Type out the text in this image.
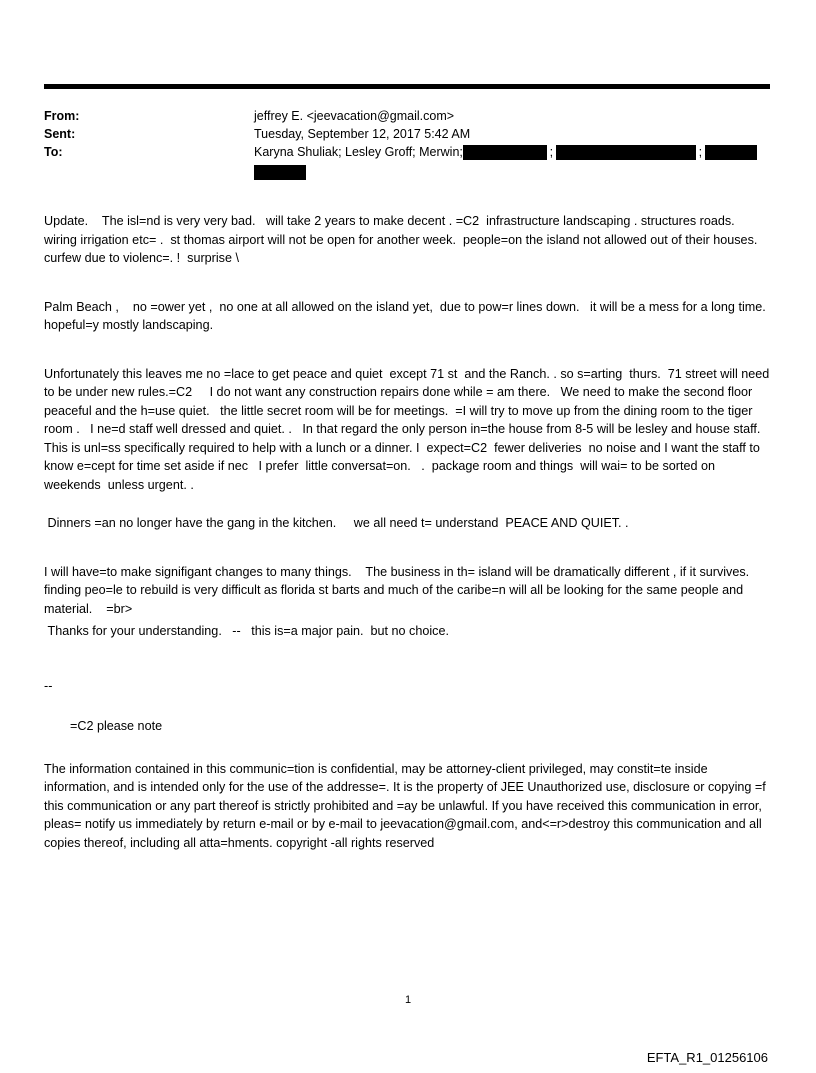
From:	jeffrey E. <jeevacation@gmail.com>
Sent:	Tuesday, September 12, 2017 5:42 AM
To:	Karyna Shuliak; Lesley Groff; Merwin;	;	;

Update.    The isl=nd is very very bad.   will take 2 years to make decent . =C2  infrastructure landscaping . structures roads. wiring irrigation etc= .  st thomas airport will not be open for another week.  people=on the island not allowed out of their houses.  curfew due to violenc=. !  surprise \

Palm Beach ,    no =ower yet ,  no one at all allowed on the island yet,  due to pow=r lines down.   it will be a mess for a long time.  hopeful=y mostly landscaping.

Unfortunately this leaves me no =lace to get peace and quiet  except 71 st  and the Ranch. . so s=arting  thurs.  71 street will need to be under new rules.=C2     I do not want any construction repairs done while = am there.   We need to make the second floor peaceful and the h=use quiet.   the little secret room will be for meetings.  =I will try to move up from the dining room to the tiger room .   I ne=d staff well dressed and quiet. .   In that regard the only person in=the house from 8-5 will be lesley and house staff.   This is unl=ss specifically required to help with a lunch or a dinner. I  expect=C2  fewer deliveries  no noise and I want the staff to know e=cept for time set aside if nec   I prefer  little conversat=on.   .  package room and things  will wai= to be sorted on weekends  unless urgent. .

Dinners =an no longer have the gang in the kitchen.     we all need t= understand  PEACE AND QUIET. .

I will have=to make signifigant changes to many things.    The business in th= island will be dramatically different , if it survives.  finding peo=le to rebuild is very difficult as florida st barts and much of the caribe=n will all be looking for the same people and material.    =br>

Thanks for your understanding.   --   this is=a major pain.  but no choice.

--

=C2 please note

The information contained in this communic=tion is confidential, may be attorney-client privileged, may constit=te inside information, and is intended only for the use of the addresse=. It is the property of JEE Unauthorized use, disclosure or copying =f this communication or any part thereof is strictly prohibited and =ay be unlawful. If you have received this communication in error, pleas= notify us immediately by return e-mail or by e-mail to jeevacation@gmail.com, and<=r>destroy this communication and all copies thereof, including all atta=hments. copyright -all rights reserved

1
EFTA_R1_01256106
